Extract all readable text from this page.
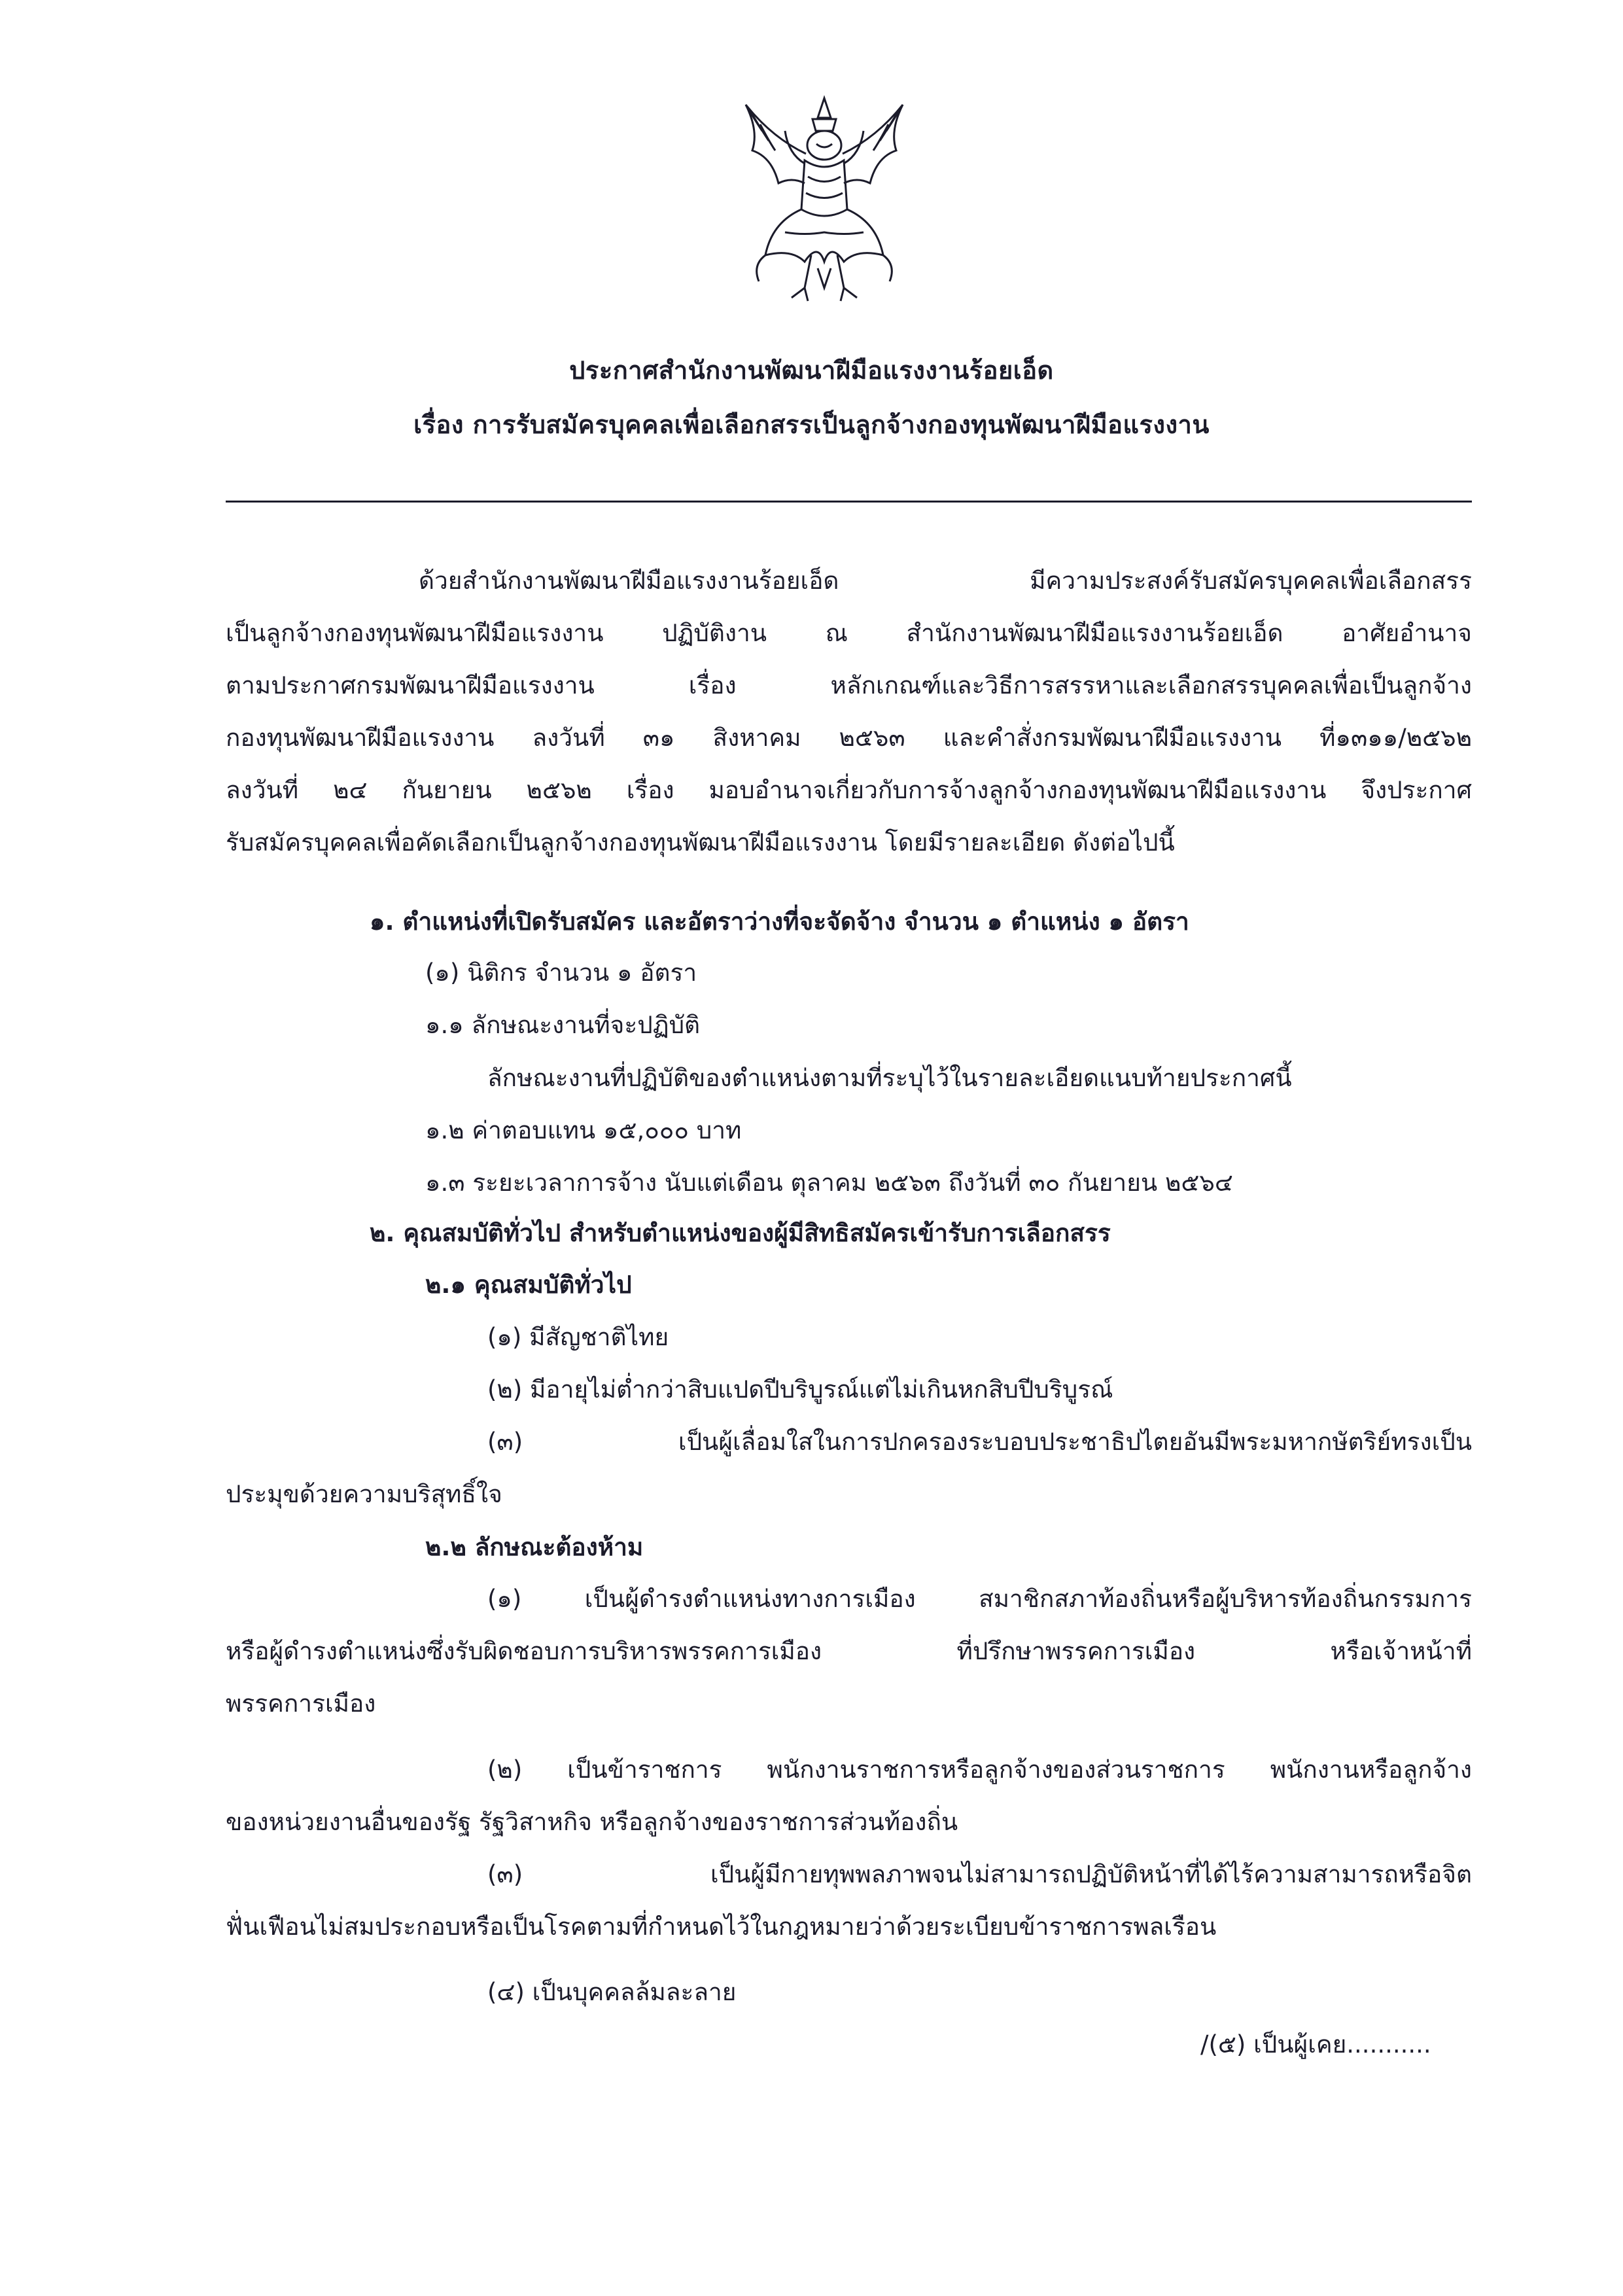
ประกาศสำนักงานพัฒนาฝีมือแรงงานร้อยเอ็ด
เรื่อง การรับสมัครบุคคลเพื่อเลือกสรรเป็นลูกจ้างกองทุนพัฒนาฝีมือแรงงาน
ด้วยสำนักงานพัฒนาฝีมือแรงงานร้อยเอ็ด มีความประสงค์รับสมัครบุคคลเพื่อเลือกสรร
เป็นลูกจ้างกองทุนพัฒนาฝีมือแรงงาน ปฏิบัติงาน ณ สำนักงานพัฒนาฝีมือแรงงานร้อยเอ็ด อาศัยอำนาจ
ตามประกาศกรมพัฒนาฝีมือแรงงาน เรื่อง หลักเกณฑ์และวิธีการสรรหาและเลือกสรรบุคคลเพื่อเป็นลูกจ้าง
กองทุนพัฒนาฝีมือแรงงาน ลงวันที่ ๓๑ สิงหาคม ๒๕๖๓ และคำสั่งกรมพัฒนาฝีมือแรงงาน ที่๑๓๑๑/๒๕๖๒
ลงวันที่ ๒๔ กันยายน ๒๕๖๒ เรื่อง มอบอำนาจเกี่ยวกับการจ้างลูกจ้างกองทุนพัฒนาฝีมือแรงงาน จึงประกาศ
รับสมัครบุคคลเพื่อคัดเลือกเป็นลูกจ้างกองทุนพัฒนาฝีมือแรงงาน โดยมีรายละเอียด ดังต่อไปนี้
๑. ตำแหน่งที่เปิดรับสมัคร และอัตราว่างที่จะจัดจ้าง จำนวน ๑ ตำแหน่ง ๑ อัตรา
(๑) นิติกร จำนวน ๑ อัตรา
๑.๑ ลักษณะงานที่จะปฏิบัติ
ลักษณะงานที่ปฏิบัติของตำแหน่งตามที่ระบุไว้ในรายละเอียดแนบท้ายประกาศนี้
๑.๒ ค่าตอบแทน ๑๕,๐๐๐ บาท
๑.๓ ระยะเวลาการจ้าง นับแต่เดือน ตุลาคม ๒๕๖๓ ถึงวันที่ ๓๐ กันยายน ๒๕๖๔
๒. คุณสมบัติทั่วไป สำหรับตำแหน่งของผู้มีสิทธิสมัครเข้ารับการเลือกสรร
๒.๑ คุณสมบัติทั่วไป
(๑) มีสัญชาติไทย
(๒) มีอายุไม่ต่ำกว่าสิบแปดปีบริบูรณ์แต่ไม่เกินหกสิบปีบริบูรณ์
(๓) เป็นผู้เลื่อมใสในการปกครองระบอบประชาธิปไตยอันมีพระมหากษัตริย์ทรงเป็น
ประมุขด้วยความบริสุทธิ์ใจ
๒.๒ ลักษณะต้องห้าม
(๑) เป็นผู้ดำรงตำแหน่งทางการเมือง สมาชิกสภาท้องถิ่นหรือผู้บริหารท้องถิ่นกรรมการ
หรือผู้ดำรงตำแหน่งซึ่งรับผิดชอบการบริหารพรรคการเมือง ที่ปรึกษาพรรคการเมือง หรือเจ้าหน้าที่
พรรคการเมือง
(๒) เป็นข้าราชการ พนักงานราชการหรือลูกจ้างของส่วนราชการ พนักงานหรือลูกจ้าง
ของหน่วยงานอื่นของรัฐ รัฐวิสาหกิจ หรือลูกจ้างของราชการส่วนท้องถิ่น
(๓) เป็นผู้มีกายทุพพลภาพจนไม่สามารถปฏิบัติหน้าที่ได้ไร้ความสามารถหรือจิต
ฟั่นเฟือนไม่สมประกอบหรือเป็นโรคตามที่กำหนดไว้ในกฎหมายว่าด้วยระเบียบข้าราชการพลเรือน
(๔) เป็นบุคคลล้มละลาย
/(๕) เป็นผู้เคย...........
